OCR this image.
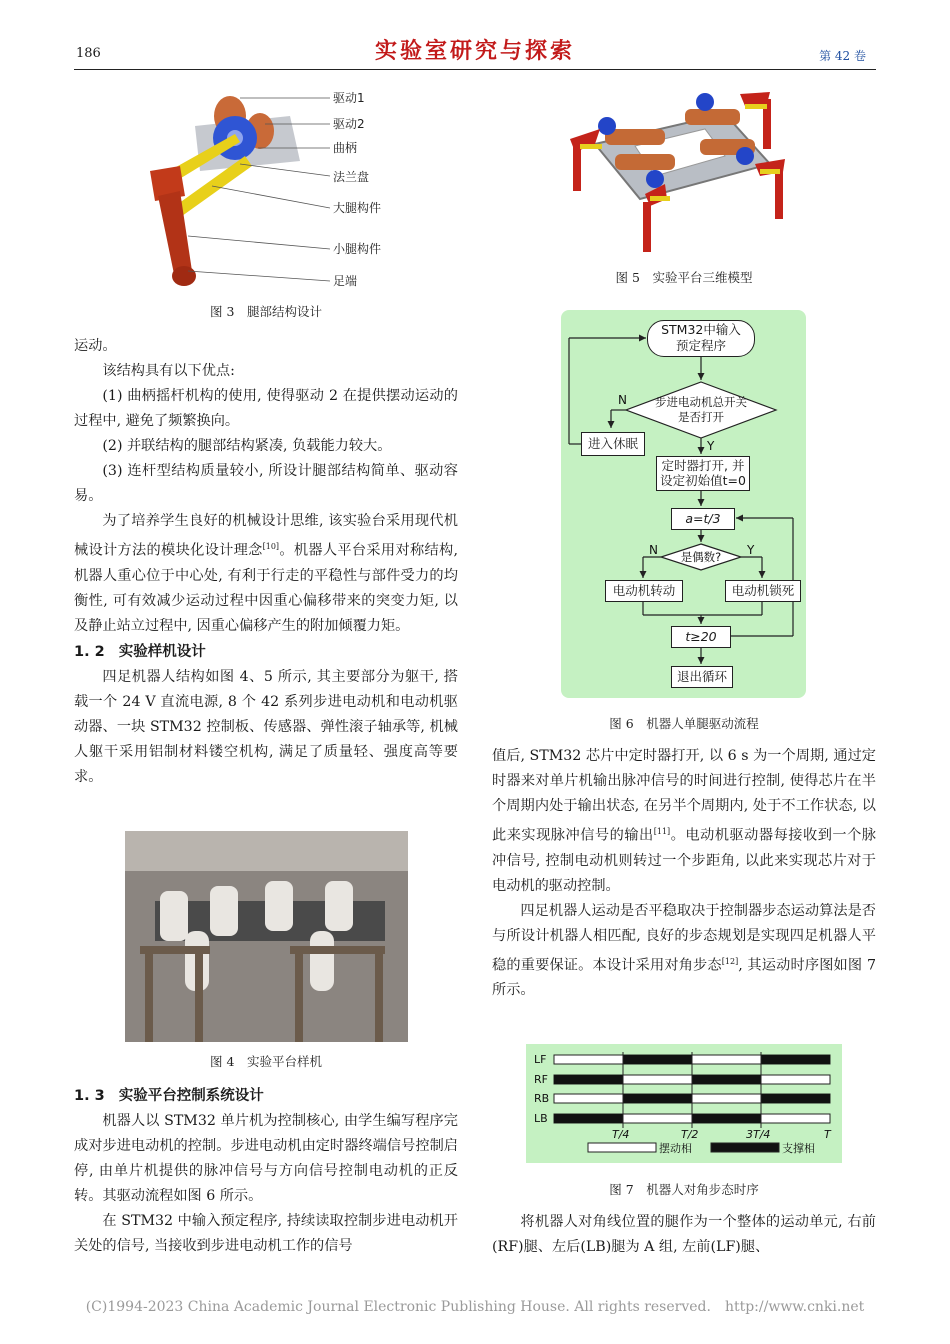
186	实验室研究与探索	第 42 卷
驱动1
驱动2
曲柄
法兰盘
大腿构件
小腿构件
足端
图 3　腿部结构设计
图 5　实验平台三维模型

运动。

该结构具有以下优点:

(1) 曲柄摇杆机构的使用, 使得驱动 2 在提供摆动运动的过程中, 避免了频繁换向。

(2) 并联结构的腿部结构紧凑, 负载能力较大。

(3) 连杆型结构质量较小, 所设计腿部结构简单、驱动容易。

为了培养学生良好的机械设计思维, 该实验台采用现代机械设计方法的模块化设计理念[10]。机器人平台采用对称结构, 机器人重心位于中心处, 有利于行走的平稳性与部件受力的均衡性, 可有效减少运动过程中因重心偏移带来的突变力矩, 以及静止站立过程中, 因重心偏移产生的附加倾覆力矩。

1. 2 实验样机设计

四足机器人结构如图 4、5 所示, 其主要部分为躯干, 搭载一个 24 V 直流电源, 8 个 42 系列步进电动机和电动机驱动器、一块 STM32 控制板、传感器、弹性滚子轴承等, 机械人躯干采用铝制材料镂空机构, 满足了质量轻、强度高等要求。

图 4　实验平台样机
1. 3 实验平台控制系统设计

机器人以 STM32 单片机为控制核心, 由学生编写程序完成对步进电动机的控制。步进电动机由定时器终端信号控制启停, 由单片机提供的脉冲信号与方向信号控制电动机的正反转。其驱动流程如图 6 所示。

在 STM32 中输入预定程序, 持续读取控制步进电动机开关处的信号, 当接收到步进电动机工作的信号

N
Y
N	Y
步进电动机总开关
是否打开
是偶数?
STM32中输入
预定程序
进入休眠
定时器打开, 并
设定初始值t=0
a=t/3
电动机转动	电动机锁死
t≥20
退出循环
图 6　机器人单腿驱动流程

值后, STM32 芯片中定时器打开, 以 6 s 为一个周期, 通过定时器来对单片机输出脉冲信号的时间进行控制, 使得芯片在半个周期内处于输出状态, 在另半个周期内, 处于不工作状态, 以此来实现脉冲信号的输出[11]。电动机驱动器每接收到一个脉冲信号, 控制电动机则转过一个步距角, 以此来实现芯片对于电动机的驱动控制。

四足机器人运动是否平稳取决于控制器步态运动算法是否与所设计机器人相匹配, 良好的步态规划是实现四足机器人平稳的重要保证。本设计采用对角步态[12], 其运动时序图如图 7 所示。

LF
RF
RB
LB
T/4	T/2	3T/4	T
摆动相	支撑相
图 7　机器人对角步态时序

将机器人对角线位置的腿作为一个整体的运动单元, 右前(RF)腿、左后(LB)腿为 A 组, 左前(LF)腿、

(C)1994-2023 China Academic Journal Electronic Publishing House. All rights reserved.　http://www.cnki.net
